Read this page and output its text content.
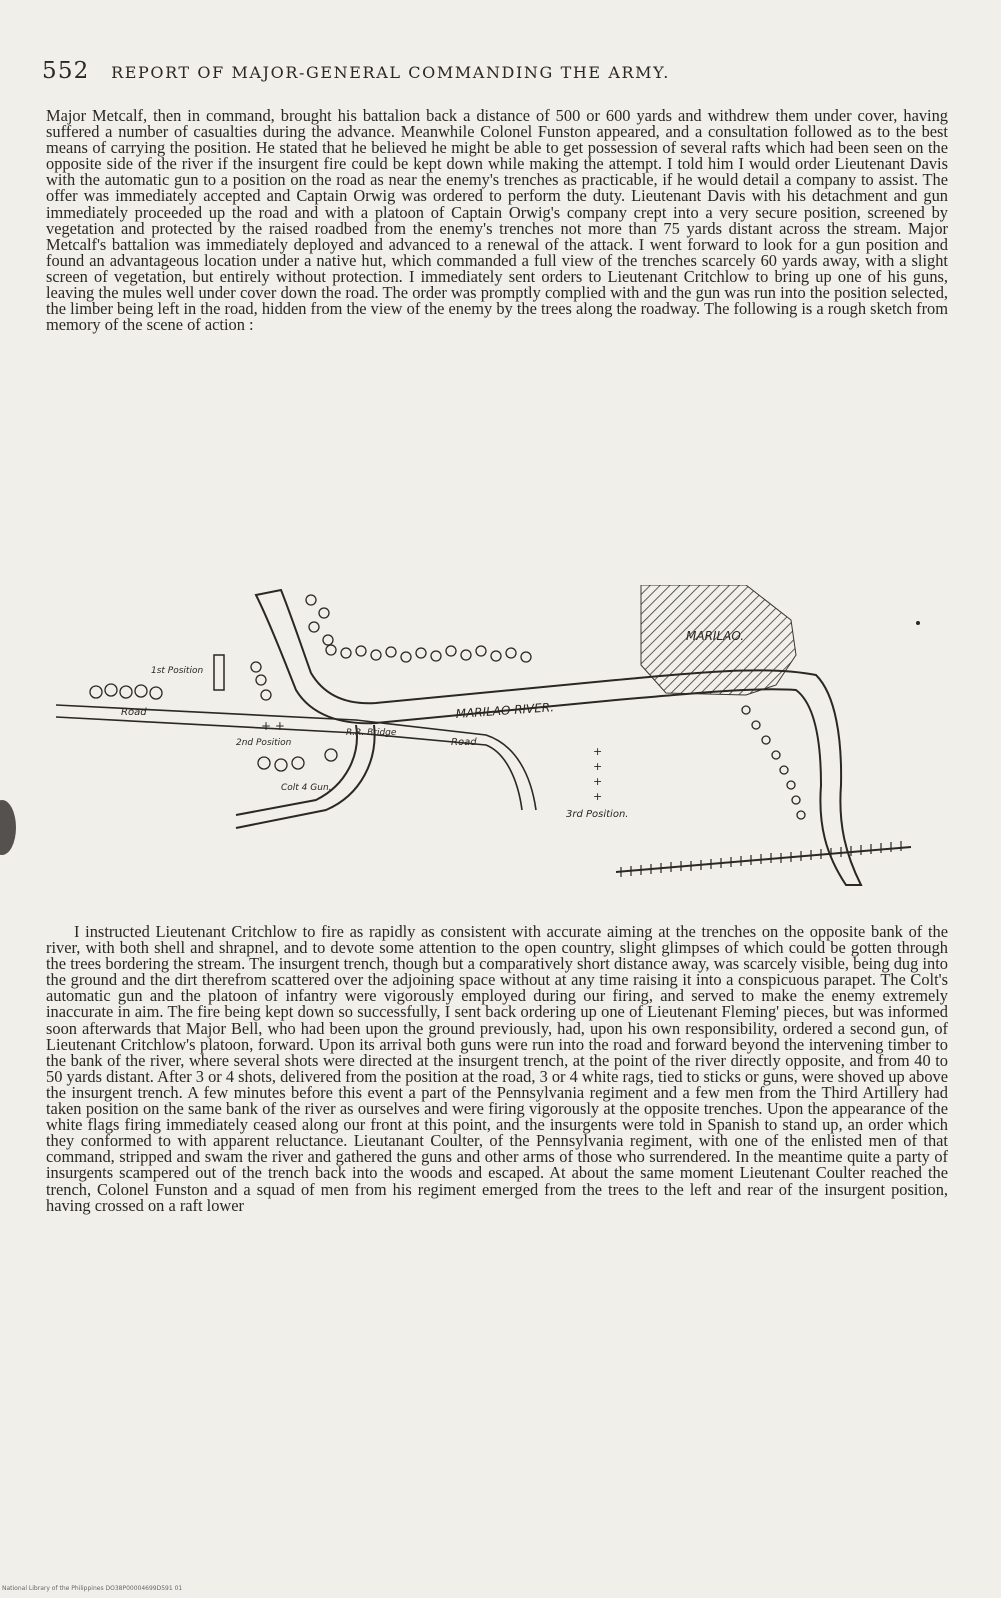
552 REPORT OF MAJOR-GENERAL COMMANDING THE ARMY.
Major Metcalf, then in command, brought his battalion back a distance of 500 or 600 yards and withdrew them under cover, having suffered a number of casualties during the advance. Meanwhile Colonel Funston appeared, and a consultation followed as to the best means of carrying the position. He stated that he believed he might be able to get possession of several rafts which had been seen on the opposite side of the river if the insurgent fire could be kept down while making the attempt. I told him I would order Lieutenant Davis with the automatic gun to a position on the road as near the enemy's trenches as practicable, if he would detail a company to assist. The offer was immediately accepted and Captain Orwig was ordered to perform the duty. Lieutenant Davis with his detachment and gun immediately proceeded up the road and with a platoon of Captain Orwig's company crept into a very secure position, screened by vegetation and protected by the raised roadbed from the enemy's trenches not more than 75 yards distant across the stream. Major Metcalf's battalion was immediately deployed and advanced to a renewal of the attack. I went forward to look for a gun position and found an advantageous location under a native hut, which commanded a full view of the trenches scarcely 60 yards away, with a slight screen of vegetation, but entirely without protection. I immediately sent orders to Lieutenant Critchlow to bring up one of his guns, leaving the mules well under cover down the road. The order was promptly complied with and the gun was run into the position selected, the limber being left in the road, hidden from the view of the enemy by the trees along the roadway. The following is a rough sketch from memory of the scene of action :
MARILAO.
MARILAO RIVER.
Road
Road
R.R. Bridge
1st Position
+ +
2nd Position
Colt 4 Gun.
+
+
+
+
3rd Position.
I instructed Lieutenant Critchlow to fire as rapidly as consistent with accurate aiming at the trenches on the opposite bank of the river, with both shell and shrapnel, and to devote some attention to the open country, slight glimpses of which could be gotten through the trees bordering the stream. The insurgent trench, though but a comparatively short distance away, was scarcely visible, being dug into the ground and the dirt therefrom scattered over the adjoining space without at any time raising it into a conspicuous parapet. The Colt's automatic gun and the platoon of infantry were vigorously employed during our firing, and served to make the enemy extremely inaccurate in aim. The fire being kept down so successfully, I sent back ordering up one of Lieutenant Fleming' pieces, but was informed soon afterwards that Major Bell, who had been upon the ground previously, had, upon his own responsibility, ordered a second gun, of Lieutenant Critchlow's platoon, forward. Upon its arrival both guns were run into the road and forward beyond the intervening timber to the bank of the river, where several shots were directed at the insurgent trench, at the point of the river directly opposite, and from 40 to 50 yards distant. After 3 or 4 shots, delivered from the position at the road, 3 or 4 white rags, tied to sticks or guns, were shoved up above the insurgent trench. A few minutes before this event a part of the Pennsylvania regiment and a few men from the Third Artillery had taken position on the same bank of the river as ourselves and were firing vigorously at the opposite trenches. Upon the appearance of the white flags firing immediately ceased along our front at this point, and the insurgents were told in Spanish to stand up, an order which they conformed to with apparent reluctance. Lieutanant Coulter, of the Pennsylvania regiment, with one of the enlisted men of that command, stripped and swam the river and gathered the guns and other arms of those who surrendered. In the meantime quite a party of insurgents scampered out of the trench back into the woods and escaped. At about the same moment Lieutenant Coulter reached the trench, Colonel Funston and a squad of men from his regiment emerged from the trees to the left and rear of the insurgent position, having crossed on a raft lower
National Library of the Philippines DO38P00004699D591 01
